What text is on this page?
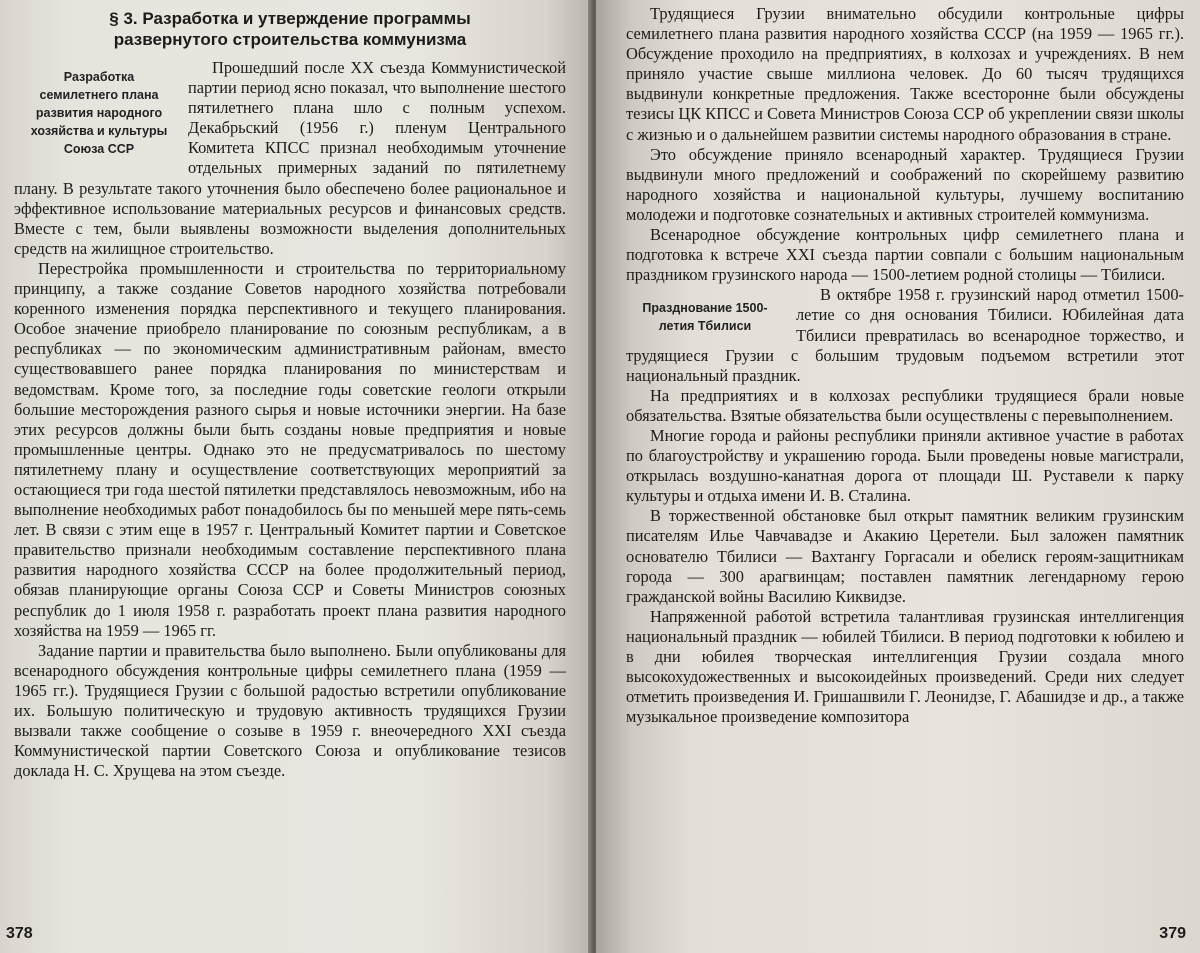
§ 3. Разработка и утверждение программы
развернутого строительства коммунизма
Разработка семилетнего плана развития народного хозяйства и культуры Союза ССР

Прошедший после XX съезда Коммунистической партии период ясно показал, что выполнение шестого пятилетнего плана шло с полным успехом. Декабрьский (1956 г.) пленум Центрального Комитета КПСС признал необходимым уточнение отдельных примерных заданий по пятилетнему плану. В результате такого уточнения было обеспечено более рациональное и эффективное использование материальных ресурсов и финансовых средств. Вместе с тем, были выявлены возможности выделения дополнительных средств на жилищное строительство.

Перестройка промышленности и строительства по территориальному принципу, а также создание Советов народного хозяйства потребовали коренного изменения порядка перспективного и текущего планирования. Особое значение приобрело планирование по союзным республикам, а в республиках — по экономическим административным районам, вместо существовавшего ранее порядка планирования по министерствам и ведомствам. Кроме того, за последние годы советские геологи открыли большие месторождения разного сырья и новые источники энергии. На базе этих ресурсов должны были быть созданы новые предприятия и новые промышленные центры. Однако это не предусматривалось по шестому пятилетнему плану и осуществление соответствующих мероприятий за остающиеся три года шестой пятилетки представлялось невозможным, ибо на выполнение необходимых работ понадобилось бы по меньшей мере пять-семь лет. В связи с этим еще в 1957 г. Центральный Комитет партии и Советское правительство признали необходимым составление перспективного плана развития народного хозяйства СССР на более продолжительный период, обязав планирующие органы Союза ССР и Советы Министров союзных республик до 1 июля 1958 г. разработать проект плана развития народного хозяйства на 1959 — 1965 гг.

Задание партии и правительства было выполнено. Были опубликованы для всенародного обсуждения контрольные цифры семилетнего плана (1959 — 1965 гг.). Трудящиеся Грузии с большой радостью встретили опубликование их. Большую политическую и трудовую активность трудящихся Грузии вызвали также сообщение о созыве в 1959 г. внеочередного XXI съезда Коммунистической партии Советского Союза и опубликование тезисов доклада Н. С. Хрущева на этом съезде.

378

Трудящиеся Грузии внимательно обсудили контрольные цифры семилетнего плана развития народного хозяйства СССР (на 1959 — 1965 гг.). Обсуждение проходило на предприятиях, в колхозах и учреждениях. В нем приняло участие свыше миллиона человек. До 60 тысяч трудящихся выдвинули конкретные предложения. Также всесторонне были обсуждены тезисы ЦК КПСС и Совета Министров Союза ССР об укреплении связи школы с жизнью и о дальнейшем развитии системы народного образования в стране.

Это обсуждение приняло всенародный характер. Трудящиеся Грузии выдвинули много предложений и соображений по скорейшему развитию народного хозяйства и национальной культуры, лучшему воспитанию молодежи и подготовке сознательных и активных строителей коммунизма.

Всенародное обсуждение контрольных цифр семилетнего плана и подготовка к встрече XXI съезда партии совпали с большим национальным праздником грузинского народа — 1500-летием родной столицы — Тбилиси.

Празднование 1500-летия Тбилиси

В октябре 1958 г. грузинский народ отметил 1500-летие со дня основания Тбилиси. Юбилейная дата Тбилиси превратилась во всенародное торжество, и трудящиеся Грузии с большим трудовым подъемом встретили этот национальный праздник.

На предприятиях и в колхозах республики трудящиеся брали новые обязательства. Взятые обязательства были осуществлены с перевыполнением.

Многие города и районы республики приняли активное участие в работах по благоустройству и украшению города. Были проведены новые магистрали, открылась воздушно-канатная дорога от площади Ш. Руставели к парку культуры и отдыха имени И. В. Сталина.

В торжественной обстановке был открыт памятник великим грузинским писателям Илье Чавчавадзе и Акакию Церетели. Был заложен памятник основателю Тбилиси — Вахтангу Горгасали и обелиск героям-защитникам города — 300 арагвинцам; поставлен памятник легендарному герою гражданской войны Василию Киквидзе.

Напряженной работой встретила талантливая грузинская интеллигенция национальный праздник — юбилей Тбилиси. В период подготовки к юбилею и в дни юбилея творческая интеллигенция Грузии создала много высокохудожественных и высокоидейных произведений. Среди них следует отметить произведения И. Гришашвили Г. Леонидзе, Г. Абашидзе и др., а также музыкальное произведение композитора

379
